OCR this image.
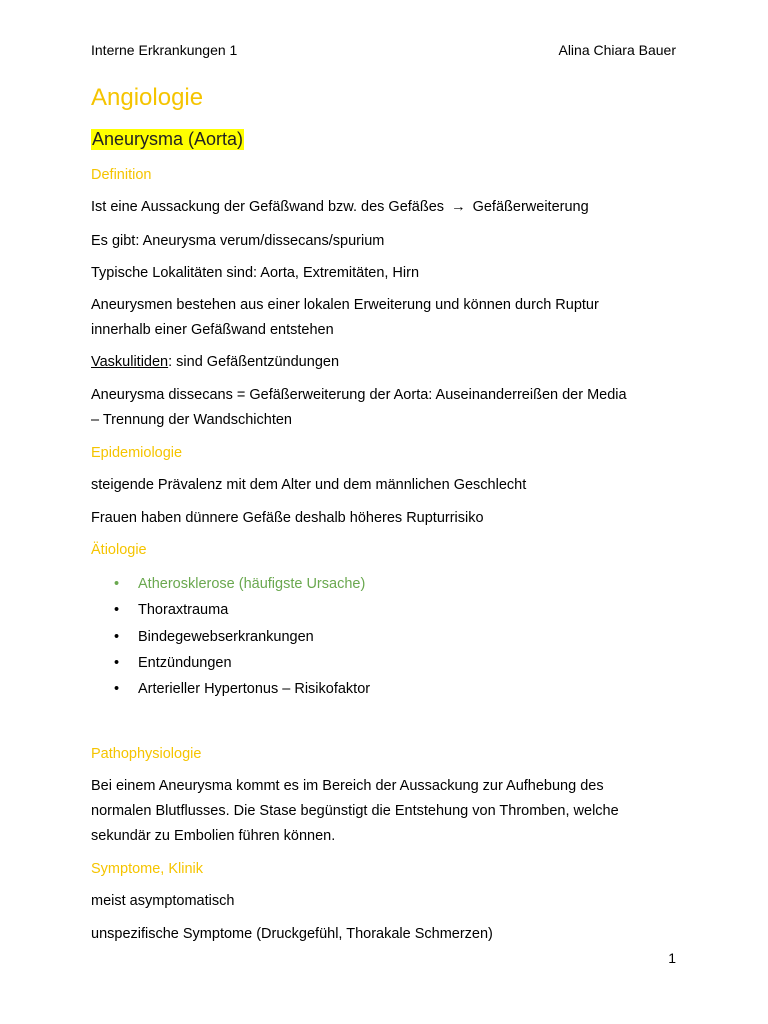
Interne Erkrankungen 1	Alina Chiara Bauer
Angiologie
Aneurysma (Aorta)
Definition
Ist eine Aussackung der Gefäßwand bzw. des Gefäßes → Gefäßerweiterung
Es gibt: Aneurysma verum/dissecans/spurium
Typische Lokalitäten sind: Aorta, Extremitäten, Hirn
Aneurysmen bestehen aus einer lokalen Erweiterung und können durch Ruptur
innerhalb einer Gefäßwand entstehen
Vaskulitiden: sind Gefäßentzündungen
Aneurysma dissecans = Gefäßerweiterung der Aorta: Auseinanderreißen der Media
– Trennung der Wandschichten
Epidemiologie
steigende Prävalenz mit dem Alter und dem männlichen Geschlecht
Frauen haben dünnere Gefäße deshalb höheres Rupturrisiko
Ätiologie
• Atherosklerose (häufigste Ursache)
• Thoraxtrauma
• Bindegewebserkrankungen
• Entzündungen
• Arterieller Hypertonus – Risikofaktor
Pathophysiologie
Bei einem Aneurysma kommt es im Bereich der Aussackung zur Aufhebung des
normalen Blutflusses. Die Stase begünstigt die Entstehung von Thromben, welche
sekundär zu Embolien führen können.
Symptome, Klinik
meist asymptomatisch
unspezifische Symptome (Druckgefühl, Thorakale Schmerzen)
1
